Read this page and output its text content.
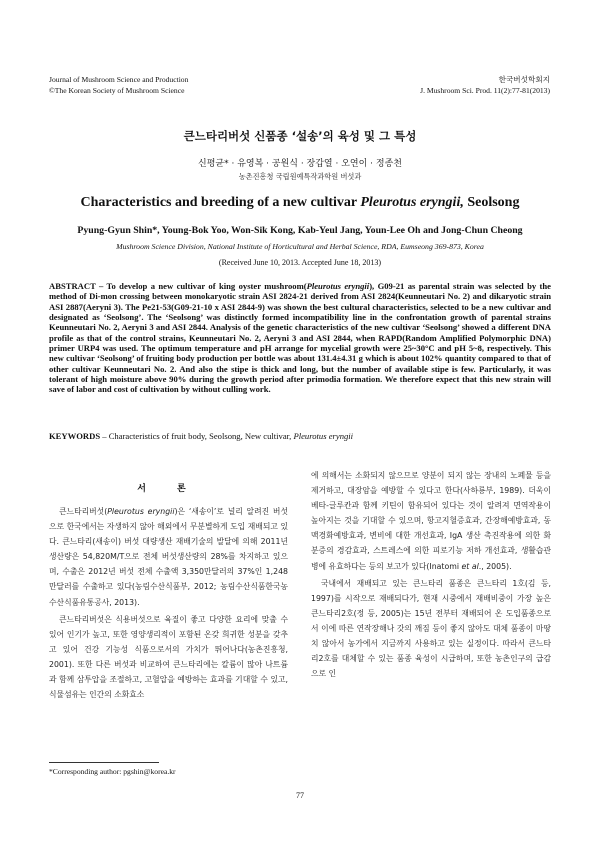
Journal of Mushroom Science and Production
©The Korean Society of Mushroom Science
한국버섯학회지
J. Mushroom Sci. Prod. 11(2):77-81(2013)
큰느타리버섯 신품종 ‘설송’의 육성 및 그 특성
신평균* · 유영복 · 공원식 · 장갑열 · 오연이 · 정종천
농촌진흥청 국립원예특작과학원 버섯과
Characteristics and breeding of a new cultivar Pleurotus eryngii, Seolsong
Pyung-Gyun Shin*, Young-Bok Yoo, Won-Sik Kong, Kab-Yeul Jang, Youn-Lee Oh and Jong-Chun Cheong
Mushroom Science Division, National Institute of Horticultural and Herbal Science, RDA, Eumseong 369-873, Korea
(Received June 10, 2013. Accepted June 18, 2013)

ABSTRACT – To develop a new cultivar of king oyster mushroom(Pleurotus eryngii), G09-21 as parental strain was selected by the method of Di-mon crossing between monokaryotic strain ASI 2824-21 derived from ASI 2824(Keunneutari No. 2) and dikaryotic strain ASI 2887(Aeryni 3). The Pe21-53(G09-21-10 x ASI 2844-9) was shown the best cultural characteristics, selected to be a new cultivar and designated as ‘Seolsong’. The ‘Seolsong’ was distinctly formed incompatibility line in the confrontation growth of parental strains Keunneutari No. 2, Aeryni 3 and ASI 2844. Analysis of the genetic characteristics of the new cultivar ‘Seolsong’ showed a different DNA profile as that of the control strains, Keunneutari No. 2, Aeryni 3 and ASI 2844, when RAPD(Random Amplified Polymorphic DNA) primer URP4 was used. The optimum temperature and pH arrange for mycelial growth were 25~30°C and pH 5~8, respectively. This new cultivar ‘Seolsong’ of fruiting body production per bottle was about 131.4±4.31 g which is about 102% quantity compared to that of other cultivar Keunneutari No. 2. And also the stipe is thick and long, but the number of available stipe is few. Particularly, it was tolerant of high moisture above 90% during the growth period after primodia formation. We therefore expect that this new strain will save of labor and cost of cultivation by without culling work.

KEYWORDS – Characteristics of fruit body, Seolsong, New cultivar, Pleurotus eryngii

서 론

큰느타리버섯(Pleurotus eryngii)은 ‘새송이’로 널리 알려진 버섯으로 한국에서는 자생하지 않아 해외에서 무분별하게 도입 재배되고 있다. 큰느타리(새송이) 버섯 대량생산 재배기술의 발달에 의해 2011년 생산량은 54,820M/T으로 전체 버섯생산량의 28%를 차지하고 있으며, 수출은 2012년 버섯 전체 수출액 3,350만달러의 37%인 1,248만달러를 수출하고 있다(농림수산식품부, 2012; 농림수산식품한국농수산식품유통공사, 2013).

큰느타리버섯은 식용버섯으로 육질이 좋고 다양한 요리에 맞출 수 있어 인기가 높고, 또한 영양생리적이 포함된 온갖 희귀한 성분을 갖추고 있어 건강 기능성 식품으로서의 가치가 뛰어나다(농촌진흥청, 2001). 또한 다른 버섯과 비교하여 큰느타리에는 칼륨이 많아 나트륨과 함께 삼투압을 조절하고, 고혈압을 예방하는 효과를 기대할 수 있고, 식물섬유는 인간의 소화효소

에 의해서는 소화되지 않으므로 양분이 되지 않는 장내의 노폐물 등을 제거하고, 대장암을 예방할 수 있다고 한다(사하룡부, 1989). 더욱이 베타-글루칸과 함께 키틴이 함유되어 있다는 것이 알려져 면역작용이 높아지는 것을 기대할 수 있으며, 항고지혈증효과, 간장해예방효과, 동맥경화예방효과, 변비에 대한 개선효과, IgA 생산 촉진작용에 의한 화분증의 경감효과, 스트레스에 의한 피로기능 저하 개선효과, 생활습관병에 유효하다는 등의 보고가 있다(Inatomi et al., 2005).

국내에서 재배되고 있는 큰느타리 품종은 큰느타리 1호(김 등, 1997)를 시작으로 재배되다가, 현재 시중에서 재배비중이 가장 높은 큰느타리2호(정 등, 2005)는 15년 전부터 재배되어 온 도입품종으로서 이에 따른 연작장해나 갓의 깨짐 등이 좋지 않아도 대체 품종이 마땅치 않아서 농가에서 지금까지 사용하고 있는 실정이다. 따라서 큰느타리2호를 대체할 수 있는 품종 육성이 시급하며, 또한 농촌인구의 급감으로 인

*Corresponding author: pgshin@korea.kr
77
